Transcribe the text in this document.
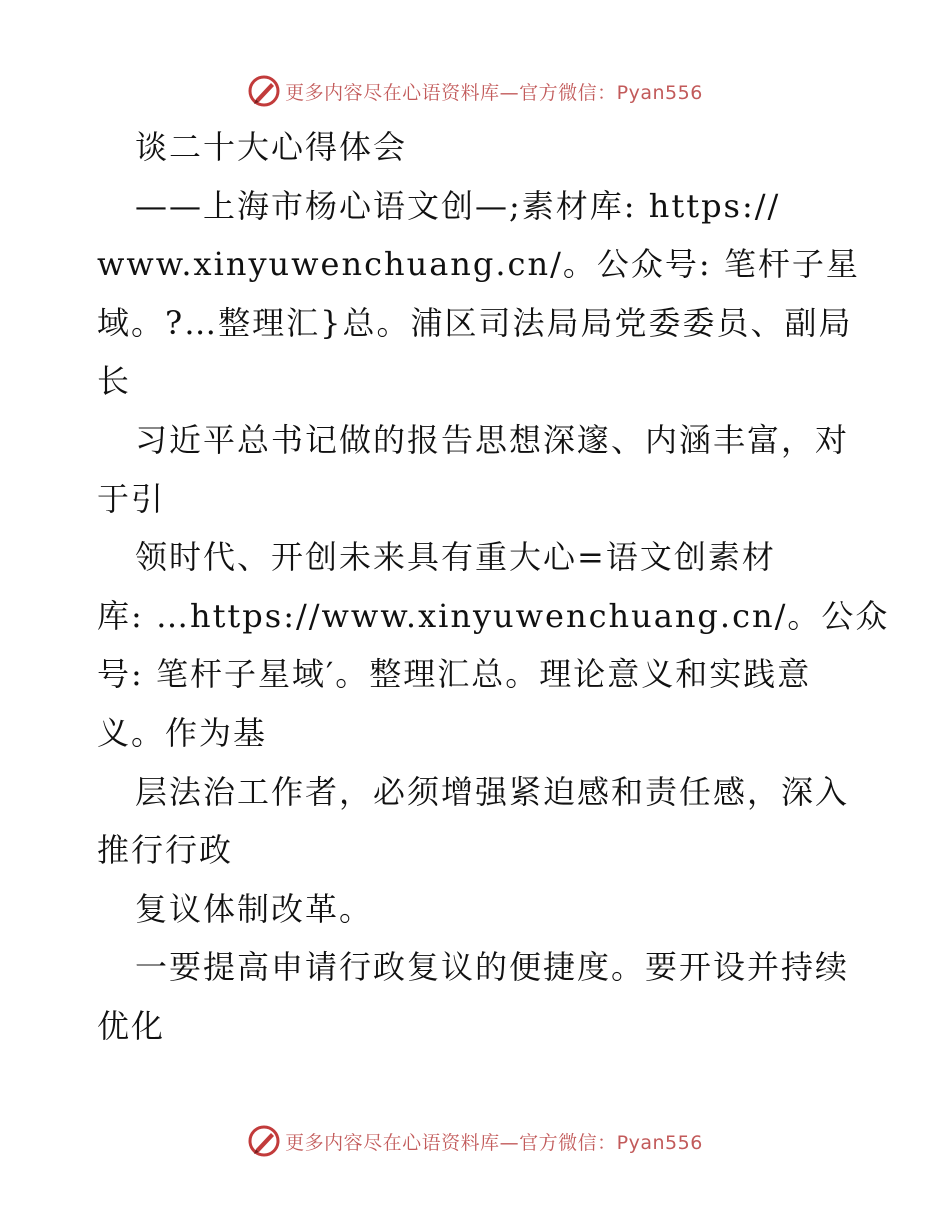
更多内容尽在心语资料库—官方微信：Pyan556
谈二十大心得体会
——上海市杨心语文创—;素材库: https://
www.xinyuwenchuang.cn/。公众号: 笔杆子星
域。?…整理汇}总。浦区司法局局党委委员、副局
长
习近平总书记做的报告思想深邃、内涵丰富，对
于引
领时代、开创未来具有重大心=语文创素材
库: …https://www.xinyuwenchuang.cn/。公众
号: 笔杆子星域′。整理汇总。理论意义和实践意
义。作为基
层法治工作者，必须增强紧迫感和责任感，深入
推行行政
复议体制改革。
一要提高申请行政复议的便捷度。要开设并持续
优化
更多内容尽在心语资料库—官方微信：Pyan556
